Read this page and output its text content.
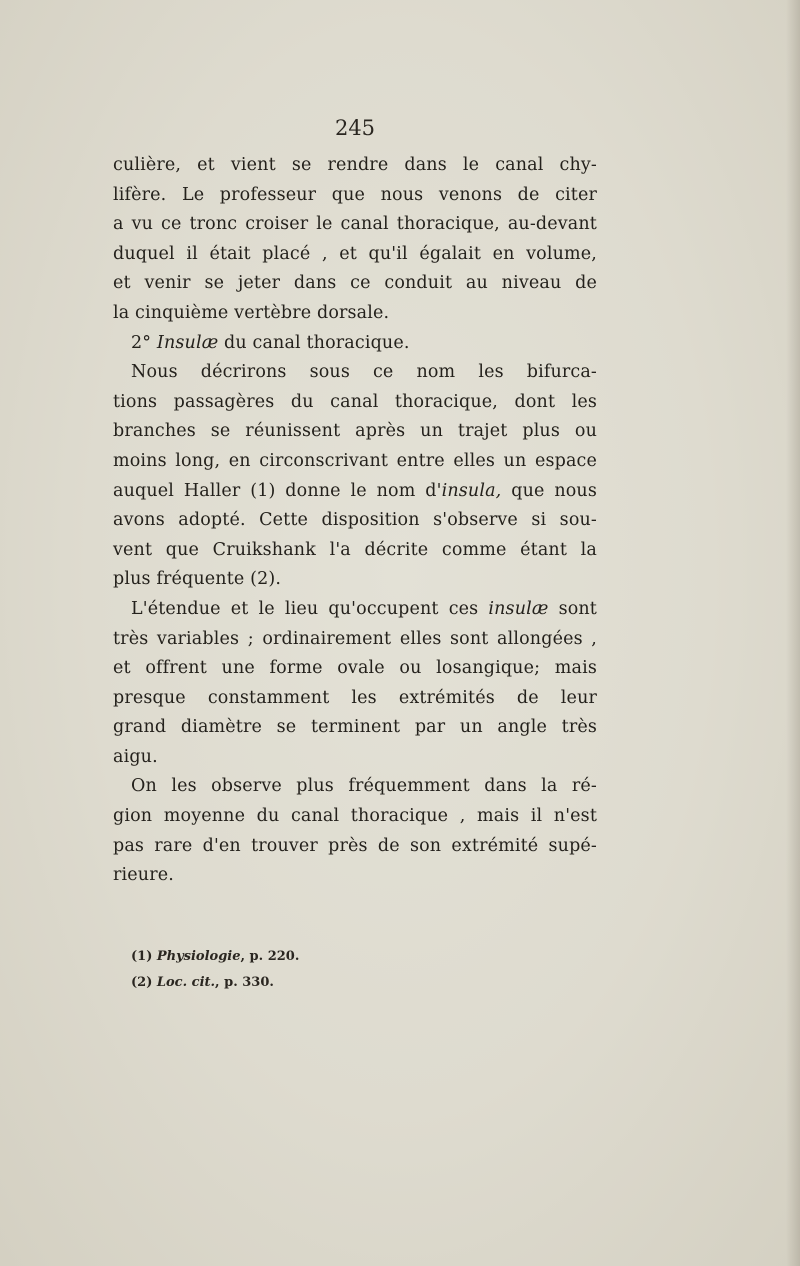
245
culière, et vient se rendre dans le canal chy-
lifère. Le professeur que nous venons de citer
a vu ce tronc croiser le canal thoracique, au-devant
duquel il était placé , et qu'il égalait en volume,
et venir se jeter dans ce conduit au niveau de
la cinquième vertèbre dorsale.
2° Insulæ du canal thoracique.
Nous décrirons sous ce nom les bifurca-
tions passagères du canal thoracique, dont les
branches se réunissent après un trajet plus ou
moins long, en circonscrivant entre elles un espace
auquel Haller (1) donne le nom d'insula, que nous
avons adopté. Cette disposition s'observe si sou-
vent que Cruikshank l'a décrite comme étant la
plus fréquente (2).
L'étendue et le lieu qu'occupent ces insulæ sont
très variables ; ordinairement elles sont allongées ,
et offrent une forme ovale ou losangique; mais
presque constamment les extrémités de leur
grand diamètre se terminent par un angle très
aigu.
On les observe plus fréquemment dans la ré-
gion moyenne du canal thoracique , mais il n'est
pas rare d'en trouver près de son extrémité supé-
rieure.
(1) Physiologie, p. 220.
(2) Loc. cit., p. 330.
